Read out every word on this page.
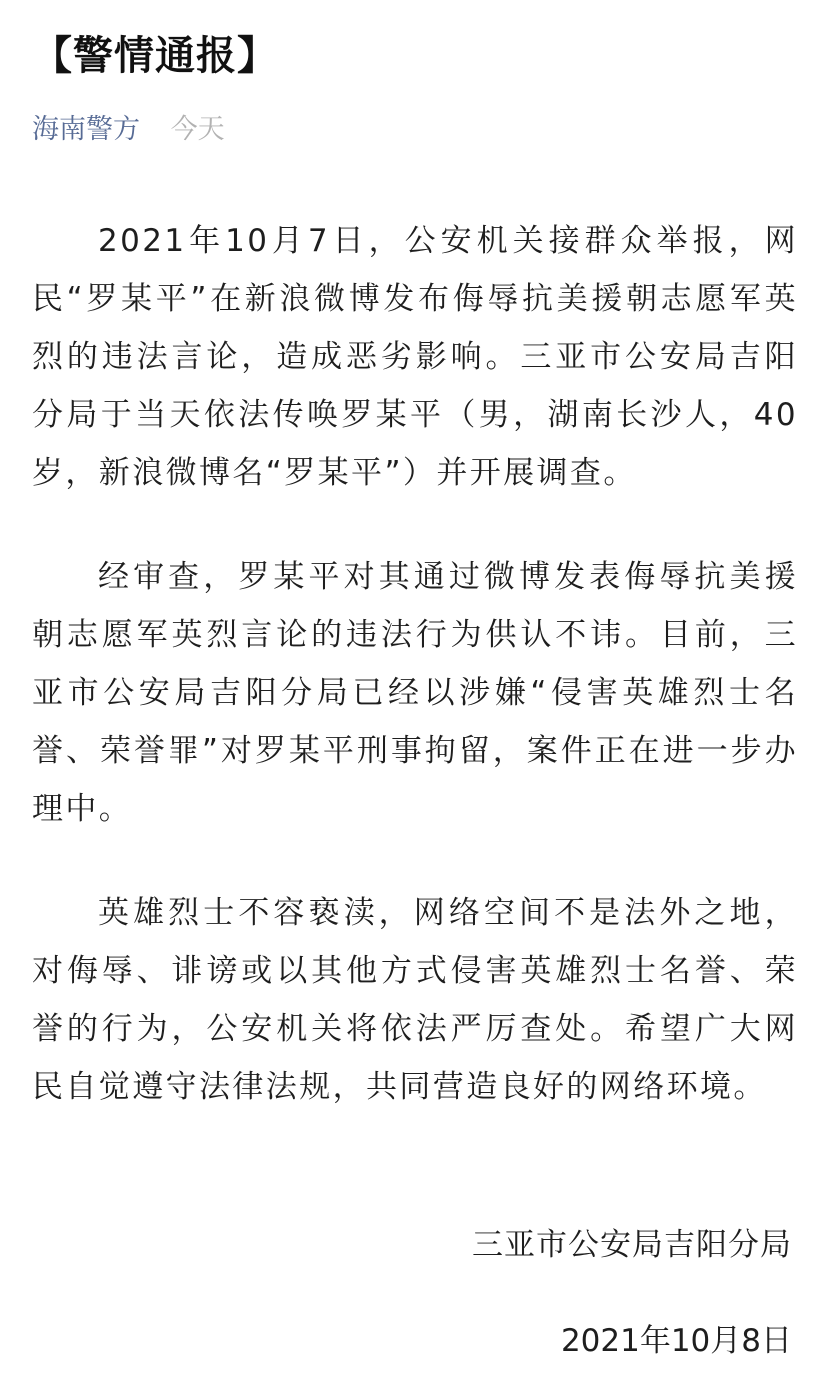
【警情通报】
海南警方 今天

2021年10月7日，公安机关接群众举报，网民“罗某平”在新浪微博发布侮辱抗美援朝志愿军英烈的违法言论，造成恶劣影响。三亚市公安局吉阳分局于当天依法传唤罗某平（男，湖南长沙人，40岁，新浪微博名“罗某平”）并开展调查。

经审查，罗某平对其通过微博发表侮辱抗美援朝志愿军英烈言论的违法行为供认不讳。目前，三亚市公安局吉阳分局已经以涉嫌“侵害英雄烈士名誉、荣誉罪”对罗某平刑事拘留，案件正在进一步办理中。

英雄烈士不容亵渎，网络空间不是法外之地，对侮辱、诽谤或以其他方式侵害英雄烈士名誉、荣誉的行为，公安机关将依法严厉查处。希望广大网民自觉遵守法律法规，共同营造良好的网络环境。

三亚市公安局吉阳分局
2021年10月8日
